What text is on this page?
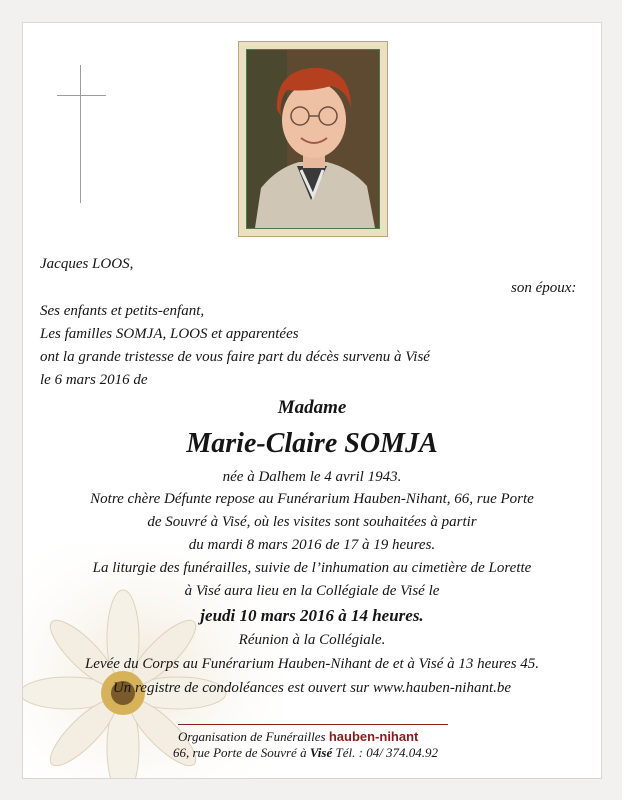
Jacques LOOS,
son époux:
Ses enfants et petits-enfant,
Les familles SOMJA, LOOS et apparentées
ont la grande tristesse de vous faire part du décès survenu à Visé
le 6 mars 2016 de
Madame
Marie-Claire SOMJA
née à Dalhem le 4 avril 1943.
Notre chère Défunte repose au Funérarium Hauben-Nihant, 66, rue Porte
de Souvré à Visé, où les visites sont souhaitées à partir
du mardi 8 mars 2016 de 17 à 19 heures.
La liturgie des funérailles, suivie de l’inhumation au cimetière de Lorette
à Visé aura lieu en la Collégiale de Visé le
jeudi 10 mars 2016 à 14 heures.
Réunion à la Collégiale.
Levée du Corps au Funérarium Hauben-Nihant de et à Visé à 13 heures 45.
Un registre de condoléances est ouvert sur www.hauben-nihant.be
Organisation de Funérailles hauben-nihant
66, rue Porte de Souvré à Visé Tél. : 04/ 374.04.92
